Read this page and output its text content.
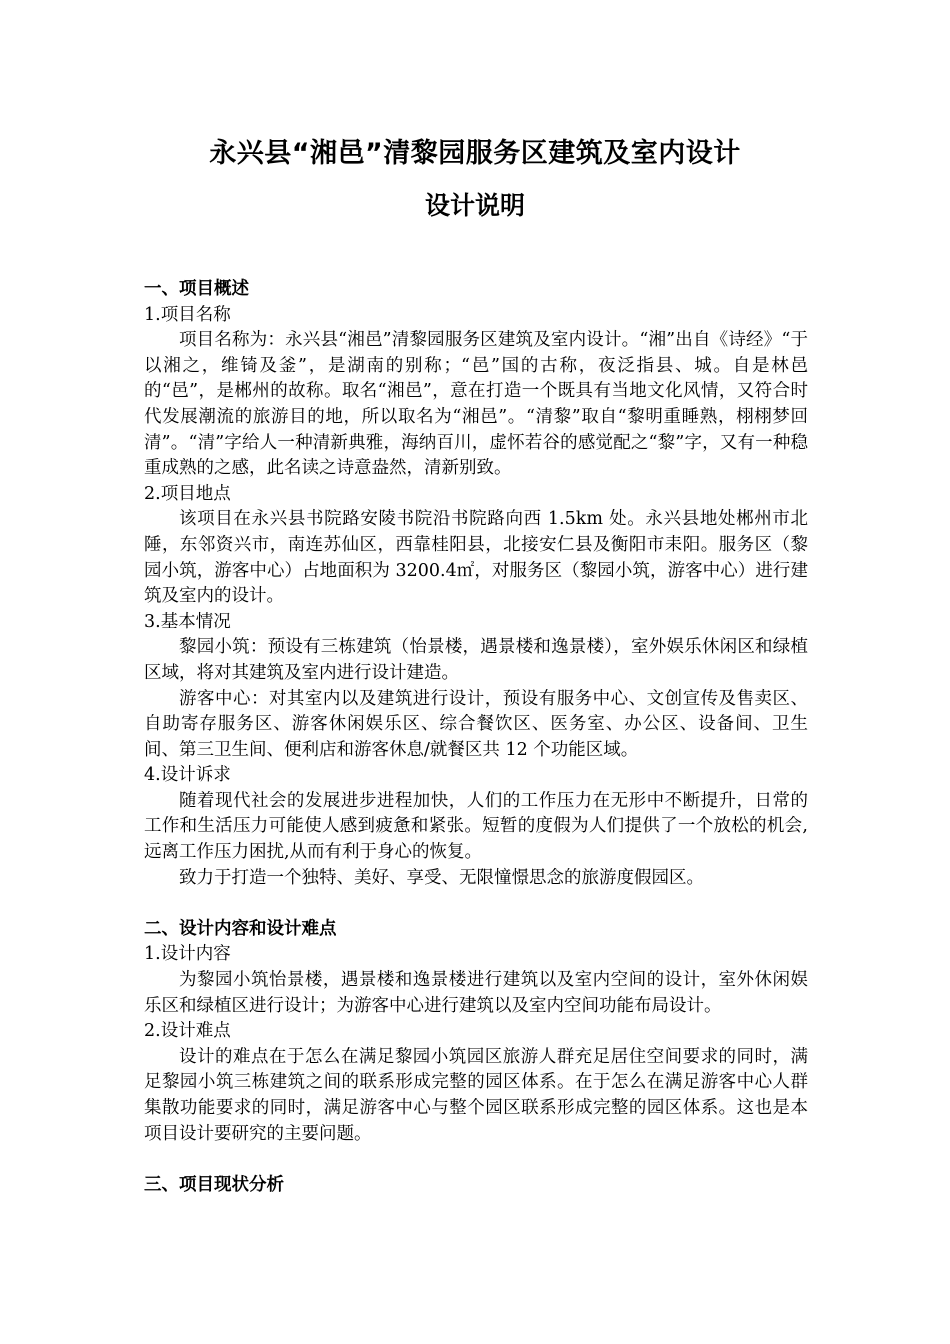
永兴县“湘邑”清黎园服务区建筑及室内设计
设计说明
一、项目概述
1.项目名称

项目名称为：永兴县“湘邑”清黎园服务区建筑及室内设计。“湘”出自《诗经》“于以湘之，维锜及釜”，是湖南的别称；“邑”国的古称，夜泛指县、城。自是林邑的“邑”，是郴州的故称。取名“湘邑”，意在打造一个既具有当地文化风情，又符合时代发展潮流的旅游目的地，所以取名为“湘邑”。“清黎”取自“黎明重睡熟，栩栩梦回清”。“清”字给人一种清新典雅，海纳百川，虚怀若谷的感觉配之“黎”字，又有一种稳重成熟的之感，此名读之诗意盎然，清新别致。

2.项目地点

该项目在永兴县书院路安陵书院沿书院路向西 1.5km 处。永兴县地处郴州市北陲，东邻资兴市，南连苏仙区，西靠桂阳县，北接安仁县及衡阳市耒阳。服务区（黎园小筑，游客中心）占地面积为 3200.4㎡，对服务区（黎园小筑，游客中心）进行建筑及室内的设计。

3.基本情况

黎园小筑：预设有三栋建筑（怡景楼，遇景楼和逸景楼），室外娱乐休闲区和绿植区域，将对其建筑及室内进行设计建造。

游客中心：对其室内以及建筑进行设计，预设有服务中心、文创宣传及售卖区、自助寄存服务区、游客休闲娱乐区、综合餐饮区、医务室、办公区、设备间、卫生间、第三卫生间、便利店和游客休息/就餐区共 12 个功能区域。

4.设计诉求

随着现代社会的发展进步进程加快，人们的工作压力在无形中不断提升，日常的工作和生活压力可能使人感到疲惫和紧张。短暂的度假为人们提供了一个放松的机会,远离工作压力困扰,从而有利于身心的恢复。

致力于打造一个独特、美好、享受、无限憧憬思念的旅游度假园区。

二、设计内容和设计难点
1.设计内容

为黎园小筑怡景楼，遇景楼和逸景楼进行建筑以及室内空间的设计，室外休闲娱乐区和绿植区进行设计；为游客中心进行建筑以及室内空间功能布局设计。

2.设计难点

设计的难点在于怎么在满足黎园小筑园区旅游人群充足居住空间要求的同时，满足黎园小筑三栋建筑之间的联系形成完整的园区体系。在于怎么在满足游客中心人群集散功能要求的同时，满足游客中心与整个园区联系形成完整的园区体系。这也是本项目设计要研究的主要问题。

三、项目现状分析
